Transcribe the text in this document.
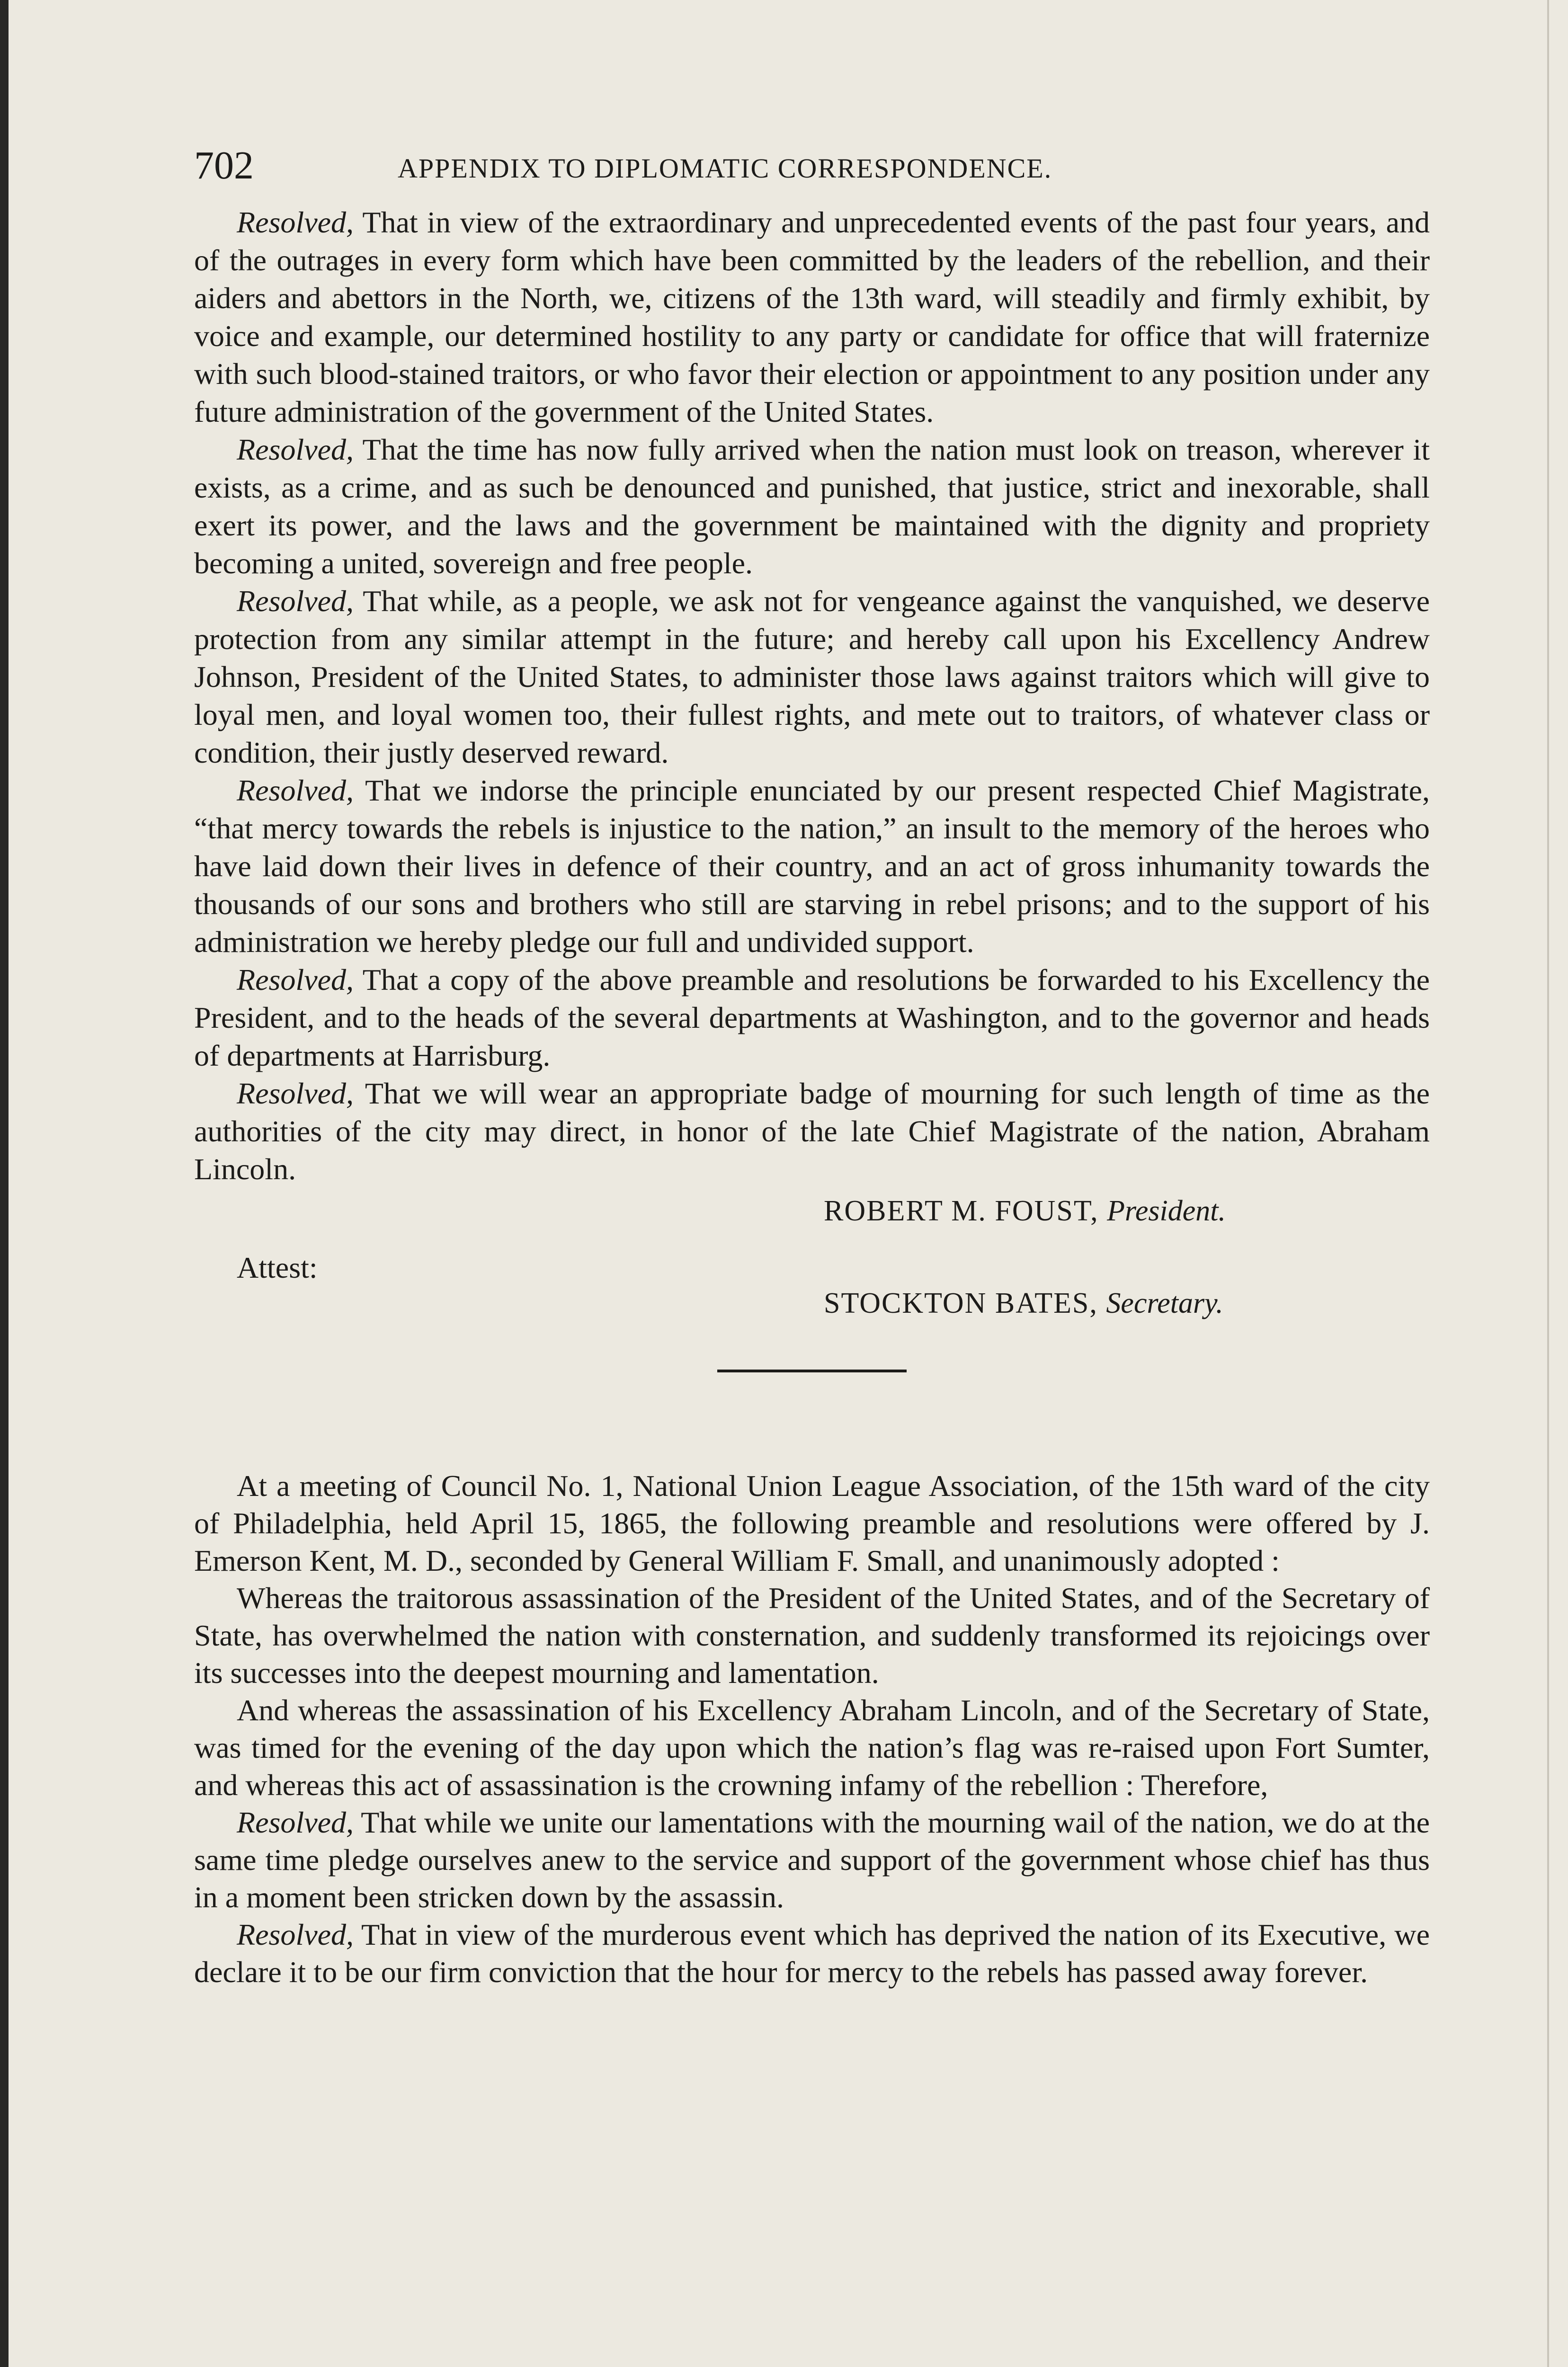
702	APPENDIX TO DIPLOMATIC CORRESPONDENCE.

Resolved, That in view of the extraordinary and unprecedented events of the past four years, and of the outrages in every form which have been committed by the leaders of the rebellion, and their aiders and abettors in the North, we, citizens of the 13th ward, will steadily and firmly exhibit, by voice and example, our determined hostility to any party or candidate for office that will fraternize with such blood-stained traitors, or who favor their election or appointment to any position under any future administration of the government of the United States.

Resolved, That the time has now fully arrived when the nation must look on treason, wherever it exists, as a crime, and as such be denounced and punished, that justice, strict and inexorable, shall exert its power, and the laws and the government be maintained with the dignity and propriety becoming a united, sovereign and free people.

Resolved, That while, as a people, we ask not for vengeance against the vanquished, we deserve protection from any similar attempt in the future; and hereby call upon his Excellency Andrew Johnson, President of the United States, to administer those laws against traitors which will give to loyal men, and loyal women too, their fullest rights, and mete out to traitors, of whatever class or condition, their justly deserved reward.

Resolved, That we indorse the principle enunciated by our present respected Chief Magistrate, “that mercy towards the rebels is injustice to the nation,” an insult to the memory of the heroes who have laid down their lives in defence of their country, and an act of gross inhumanity towards the thousands of our sons and brothers who still are starving in rebel prisons; and to the support of his administration we hereby pledge our full and undivided support.

Resolved, That a copy of the above preamble and resolutions be forwarded to his Excellency the President, and to the heads of the several departments at Washington, and to the governor and heads of departments at Harrisburg.

Resolved, That we will wear an appropriate badge of mourning for such length of time as the authorities of the city may direct, in honor of the late Chief Magistrate of the nation, Abraham Lincoln.

ROBERT M. FOUST, President.
Attest:
STOCKTON BATES, Secretary.

At a meeting of Council No. 1, National Union League Association, of the 15th ward of the city of Philadelphia, held April 15, 1865, the following preamble and resolutions were offered by J. Emerson Kent, M. D., seconded by General William F. Small, and unanimously adopted :

Whereas the traitorous assassination of the President of the United States, and of the Secretary of State, has overwhelmed the nation with consternation, and suddenly transformed its rejoicings over its successes into the deepest mourning and lamentation.

And whereas the assassination of his Excellency Abraham Lincoln, and of the Secretary of State, was timed for the evening of the day upon which the nation’s flag was re-raised upon Fort Sumter, and whereas this act of assassination is the crowning infamy of the rebellion : Therefore,

Resolved, That while we unite our lamentations with the mourning wail of the nation, we do at the same time pledge ourselves anew to the service and support of the government whose chief has thus in a moment been stricken down by the assassin.

Resolved, That in view of the murderous event which has deprived the nation of its Executive, we declare it to be our firm conviction that the hour for mercy to the rebels has passed away forever.
